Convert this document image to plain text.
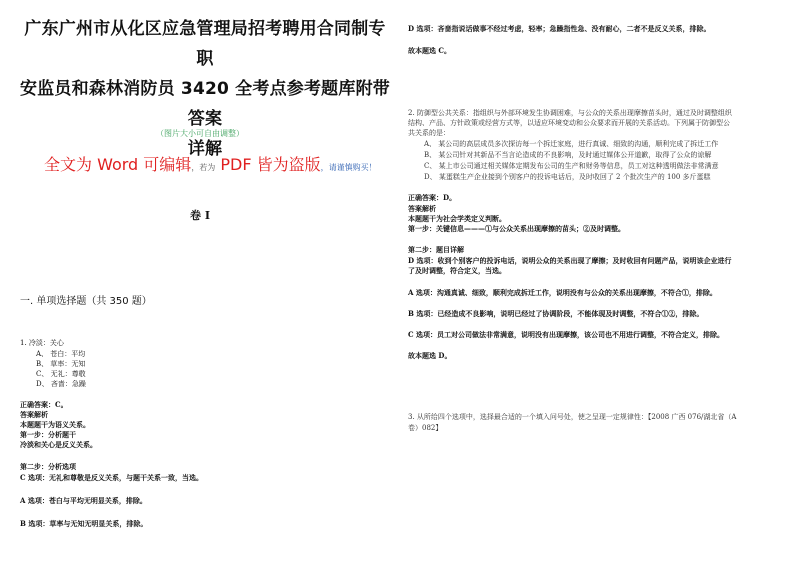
广东广州市从化区应急管理局招考聘用合同制专职
安监员和森林消防员 3420 全考点参考题库附带答案
详解
（图片大小可自由调整）
全文为 Word 可编辑，若为 PDF 皆为盗版，请谨慎购买！
卷 I
一. 单项选择题（共 350 题）
1. 冷淡：关心
A、 苍白：平均
B、 草率：无知
C、 无礼：尊敬
D、 吝啬：急躁
正确答案：C。
答案解析
本题题干为语义关系。
第一步：分析题干
冷淡和关心是反义关系。
第二步：分析选项
C 选项：无礼和尊敬是反义关系，与题干关系一致，当选。
A 选项：苍白与平均无明显关系，排除。
B 选项：草率与无知无明显关系，排除。
D 选项：吝啬指说话做事不经过考虑，轻率；急躁指性急、没有耐心，二者不是反义关系，排除。
故本题选 C。
2. 防御型公共关系：指组织与外部环境发生协调困难，与公众的关系出现摩擦苗头时，通过及时调整组织
结构、产品、方针政策或经营方式等，以适应环境变动和公众要求而开展的关系活动。下列属于防御型公
共关系的是：
A、 某公司的高层成员多次探访每一个拆迁家庭，进行真诚、细致的沟通，顺利完成了拆迁工作
B、 某公司针对其新品不当言论造成的不良影响，及时通过媒体公开道歉，取得了公众的谅解
C、 某上市公司通过相关媒体定期发布公司的生产和财务等信息，员工对这种透明做法非常满意
D、 某蛋糕生产企业接到个别客户的投诉电话后，及时收回了 2 个批次生产的 100 多斤蛋糕
正确答案：D。
答案解析
本题题干为社会学类定义判断。
第一步：关键信息———①与公众关系出现摩擦的苗头；②及时调整。
第二步：题目详解
D 选项：收到个别客户的投诉电话，说明公众的关系出现了摩擦；及时收回有问题产品，说明该企业进行
了及时调整，符合定义，当选。
A 选项：沟通真诚、细致，顺利完成拆迁工作，说明没有与公众的关系出现摩擦，不符合①，排除。
B 选项：已经造成不良影响，说明已经过了协调阶段，不能体现及时调整，不符合①②，排除。
C 选项：员工对公司做法非常满意，说明没有出现摩擦，该公司也不用进行调整，不符合定义，排除。
故本题选 D。
3. 从所给四个选项中，选择最合适的一个填入问号处，使之呈现一定规律性：【2008 广西 076/湖北省（A
卷）082】
